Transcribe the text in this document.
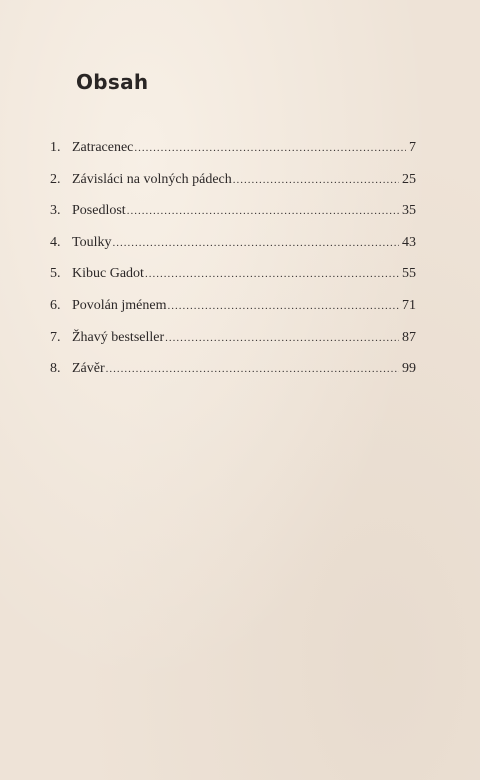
Obsah
1. Zatracenec .....	7
2. Závisláci na volných pádech .....	25
3. Posedlost .....	35
4. Toulky .....	43
5. Kibuc Gadot .....	55
6. Povolán jménem .....	71
7. Žhavý bestseller .....	87
8. Závěr .....	99
